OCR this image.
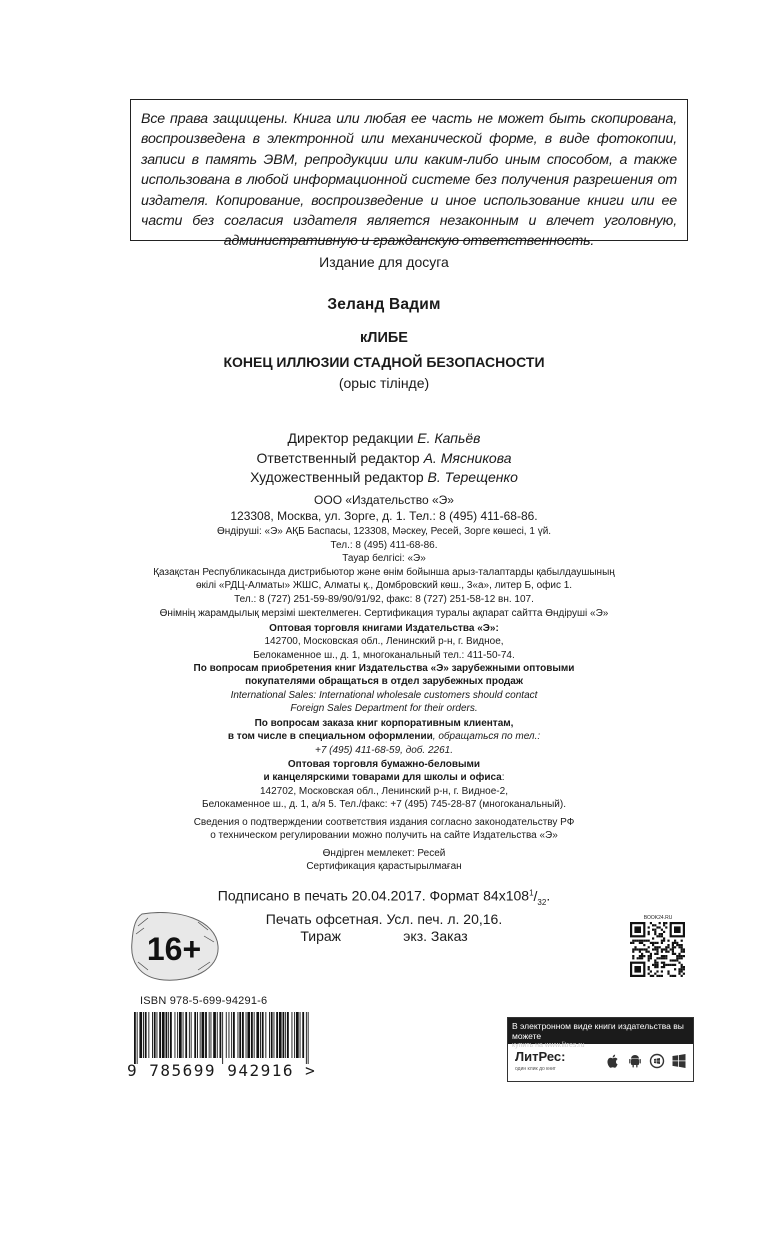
Все права защищены. Книга или любая ее часть не может быть скопирована, воспроизведена в электронной или механической форме, в виде фотокопии, записи в память ЭВМ, репродукции или каким-либо иным способом, а также использована в любой информационной системе без получения разрешения от издателя. Копирование, воспроизведение и иное использование книги или ее части без согласия издателя является незаконным и влечет уголовную, административную и гражданскую ответственность.

Издание для досуга
Зеланд Вадим
кЛИБЕ
КОНЕЦ ИЛЛЮЗИИ СТАДНОЙ БЕЗОПАСНОСТИ
(орыс тілінде)
Директор редакции Е. Капьёв
Ответственный редактор А. Мясникова
Художественный редактор В. Терещенко
ООО «Издательство «Э»
123308, Москва, ул. Зорге, д. 1. Тел.: 8 (495) 411-68-86.
Өндіруші: «Э» АҚБ Баспасы, 123308, Мәскеу, Ресей, Зорге көшесі, 1 үй.
Тел.: 8 (495) 411-68-86.
Тауар белгісі: «Э»
Қазақстан Республикасында дистрибьютор және өнім бойынша арыз-талаптарды қабылдаушының
өкілі «РДЦ-Алматы» ЖШС, Алматы қ., Домбровский көш., 3«а», литер Б, офис 1.
Тел.: 8 (727) 251-59-89/90/91/92, факс: 8 (727) 251-58-12 вн. 107.
Өнімнің жарамдылық мерзімі шектелмеген. Сертификация туралы ақпарат сайтта Өндіруші «Э»
Оптовая торговля книгами Издательства «Э»:
142700, Московская обл., Ленинский р-н, г. Видное,
Белокаменное ш., д. 1, многоканальный тел.: 411-50-74.
По вопросам приобретения книг Издательства «Э» зарубежными оптовыми
покупателями обращаться в отдел зарубежных продаж
International Sales: International wholesale customers should contact
Foreign Sales Department for their orders.
По вопросам заказа книг корпоративным клиентам,
в том числе в специальном оформлении, обращаться по тел.:
+7 (495) 411-68-59, доб. 2261.
Оптовая торговля бумажно-беловыми
и канцелярскими товарами для школы и офиса:
142702, Московская обл., Ленинский р-н, г. Видное-2,
Белокаменное ш., д. 1, а/я 5. Тел./факс: +7 (495) 745-28-87 (многоканальный).
Сведения о подтверждении соответствия издания согласно законодательству РФ
о техническом регулировании можно получить на сайте Издательства «Э»
Өндірген мемлекет: Ресей
Сертификация қарастырылмаған
Подписано в печать 20.04.2017. Формат $84x108^1/_{32}$.
Печать офсетная. Усл. печ. л. 20,16.
Тираж	экз. Заказ
16+
ISBN 978-5-699-94291-6
9 785699 942916 >
BOOK24.RU
В электронном виде книги издательства вы можете
купить на www.litres.ru
ЛитРес:
один клик до книг
